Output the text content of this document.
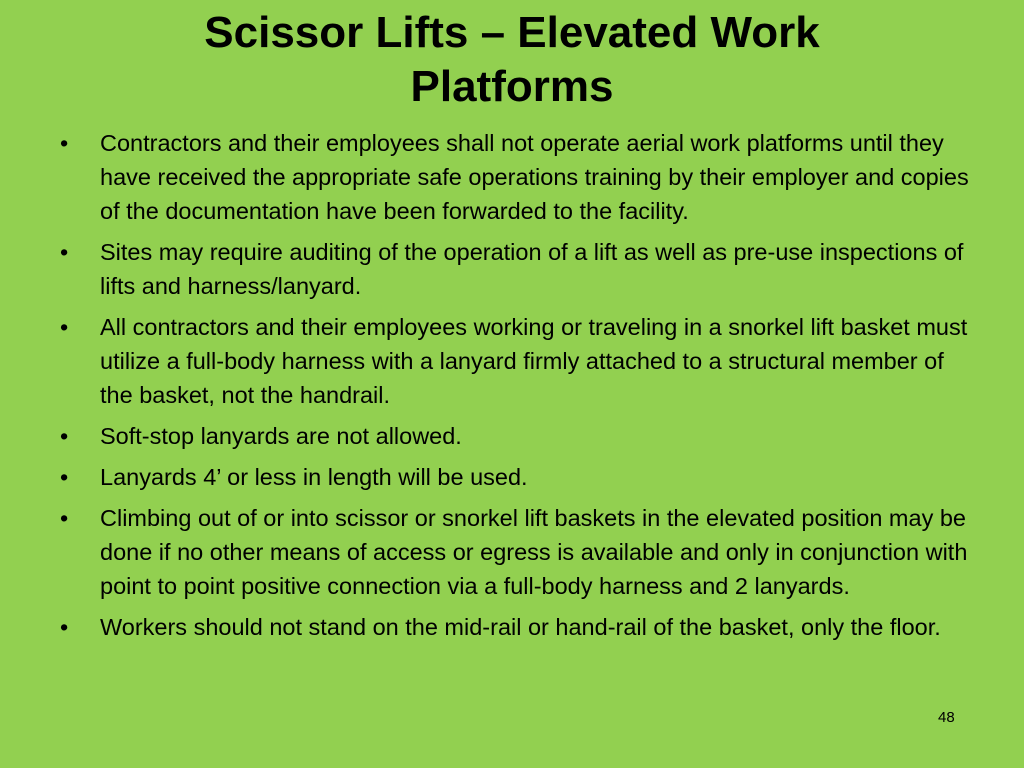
Scissor Lifts – Elevated Work
Platforms
•	Contractors and their employees shall not operate aerial work platforms until they have received the appropriate safe operations training by their employer and copies of the documentation have been forwarded to the facility.
•	Sites may require auditing of the operation of a lift as well as pre-use inspections of lifts and harness/lanyard.
•	All contractors and their employees working or traveling in a snorkel lift basket must utilize a full-body harness with a lanyard firmly attached to a structural member of the basket, not the handrail.
•	Soft-stop lanyards are not allowed.
•	Lanyards 4’ or less in length will be used.
•	Climbing out of or into scissor or snorkel lift baskets in the elevated position may be done if no other means of access or egress is available and only in conjunction with point to point positive connection via a full-body harness and 2 lanyards.
•	Workers should not stand on the mid-rail or hand-rail of the basket, only the floor.
48
